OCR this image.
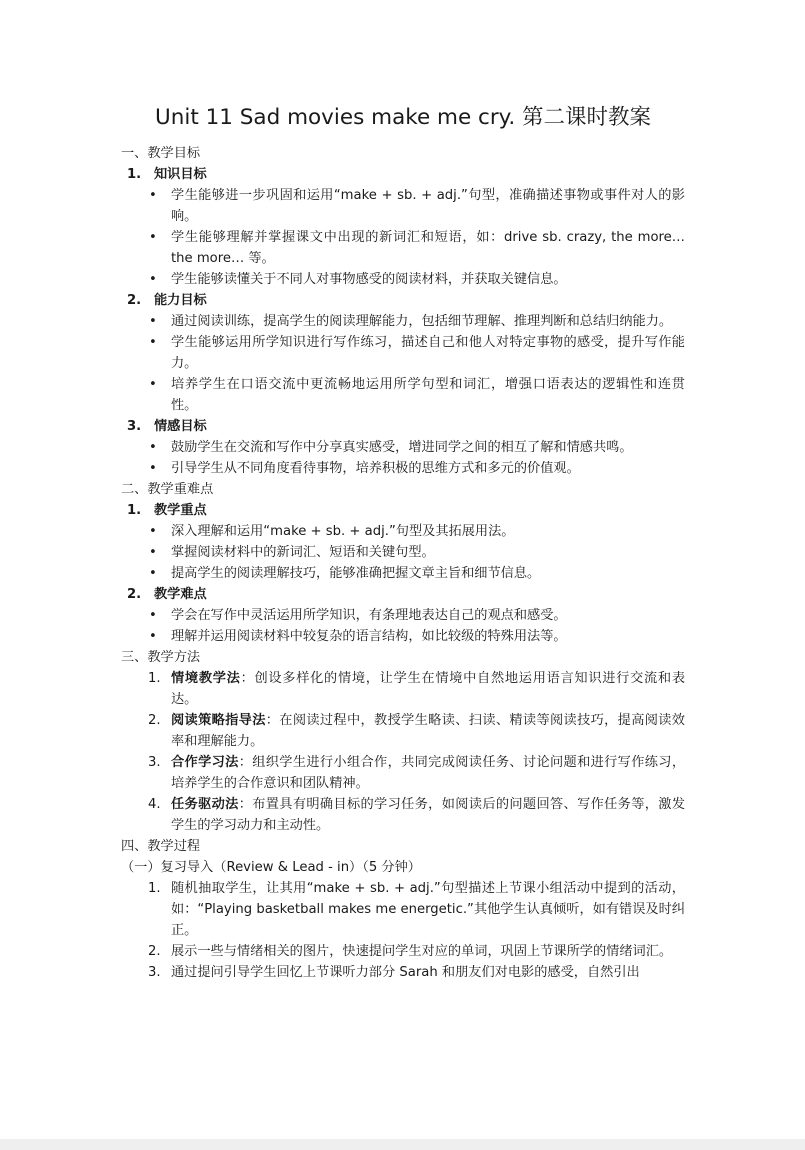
Unit 11 Sad movies make me cry. 第二课时教案
一、教学目标
1. 知识目标

• 学生能够进一步巩固和运用“make + sb. + adj.”句型，准确描述事物或事件对人的影响。

• 学生能够理解并掌握课文中出现的新词汇和短语，如：drive sb. crazy, the more…the more… 等。

• 学生能够读懂关于不同人对事物感受的阅读材料，并获取关键信息。

2. 能力目标

• 通过阅读训练，提高学生的阅读理解能力，包括细节理解、推理判断和总结归纳能力。

• 学生能够运用所学知识进行写作练习，描述自己和他人对特定事物的感受，提升写作能力。

• 培养学生在口语交流中更流畅地运用所学句型和词汇，增强口语表达的逻辑性和连贯性。

3. 情感目标

• 鼓励学生在交流和写作中分享真实感受，增进同学之间的相互了解和情感共鸣。

• 引导学生从不同角度看待事物，培养积极的思维方式和多元的价值观。

二、教学重难点
1. 教学重点

• 深入理解和运用“make + sb. + adj.”句型及其拓展用法。

• 掌握阅读材料中的新词汇、短语和关键句型。

• 提高学生的阅读理解技巧，能够准确把握文章主旨和细节信息。

2. 教学难点

• 学会在写作中灵活运用所学知识，有条理地表达自己的观点和感受。

• 理解并运用阅读材料中较复杂的语言结构，如比较级的特殊用法等。

三、教学方法

1. 情境教学法：创设多样化的情境，让学生在情境中自然地运用语言知识进行交流和表达。

2. 阅读策略指导法：在阅读过程中，教授学生略读、扫读、精读等阅读技巧，提高阅读效率和理解能力。

3. 合作学习法：组织学生进行小组合作，共同完成阅读任务、讨论问题和进行写作练习，培养学生的合作意识和团队精神。

4. 任务驱动法：布置具有明确目标的学习任务，如阅读后的问题回答、写作任务等，激发学生的学习动力和主动性。

四、教学过程
（一）复习导入（Review & Lead - in）（5 分钟）

1. 随机抽取学生，让其用“make + sb. + adj.”句型描述上节课小组活动中提到的活动，如：“Playing basketball makes me energetic.”其他学生认真倾听，如有错误及时纠正。

2. 展示一些与情绪相关的图片，快速提问学生对应的单词，巩固上节课所学的情绪词汇。

3. 通过提问引导学生回忆上节课听力部分 Sarah 和朋友们对电影的感受，自然引出
